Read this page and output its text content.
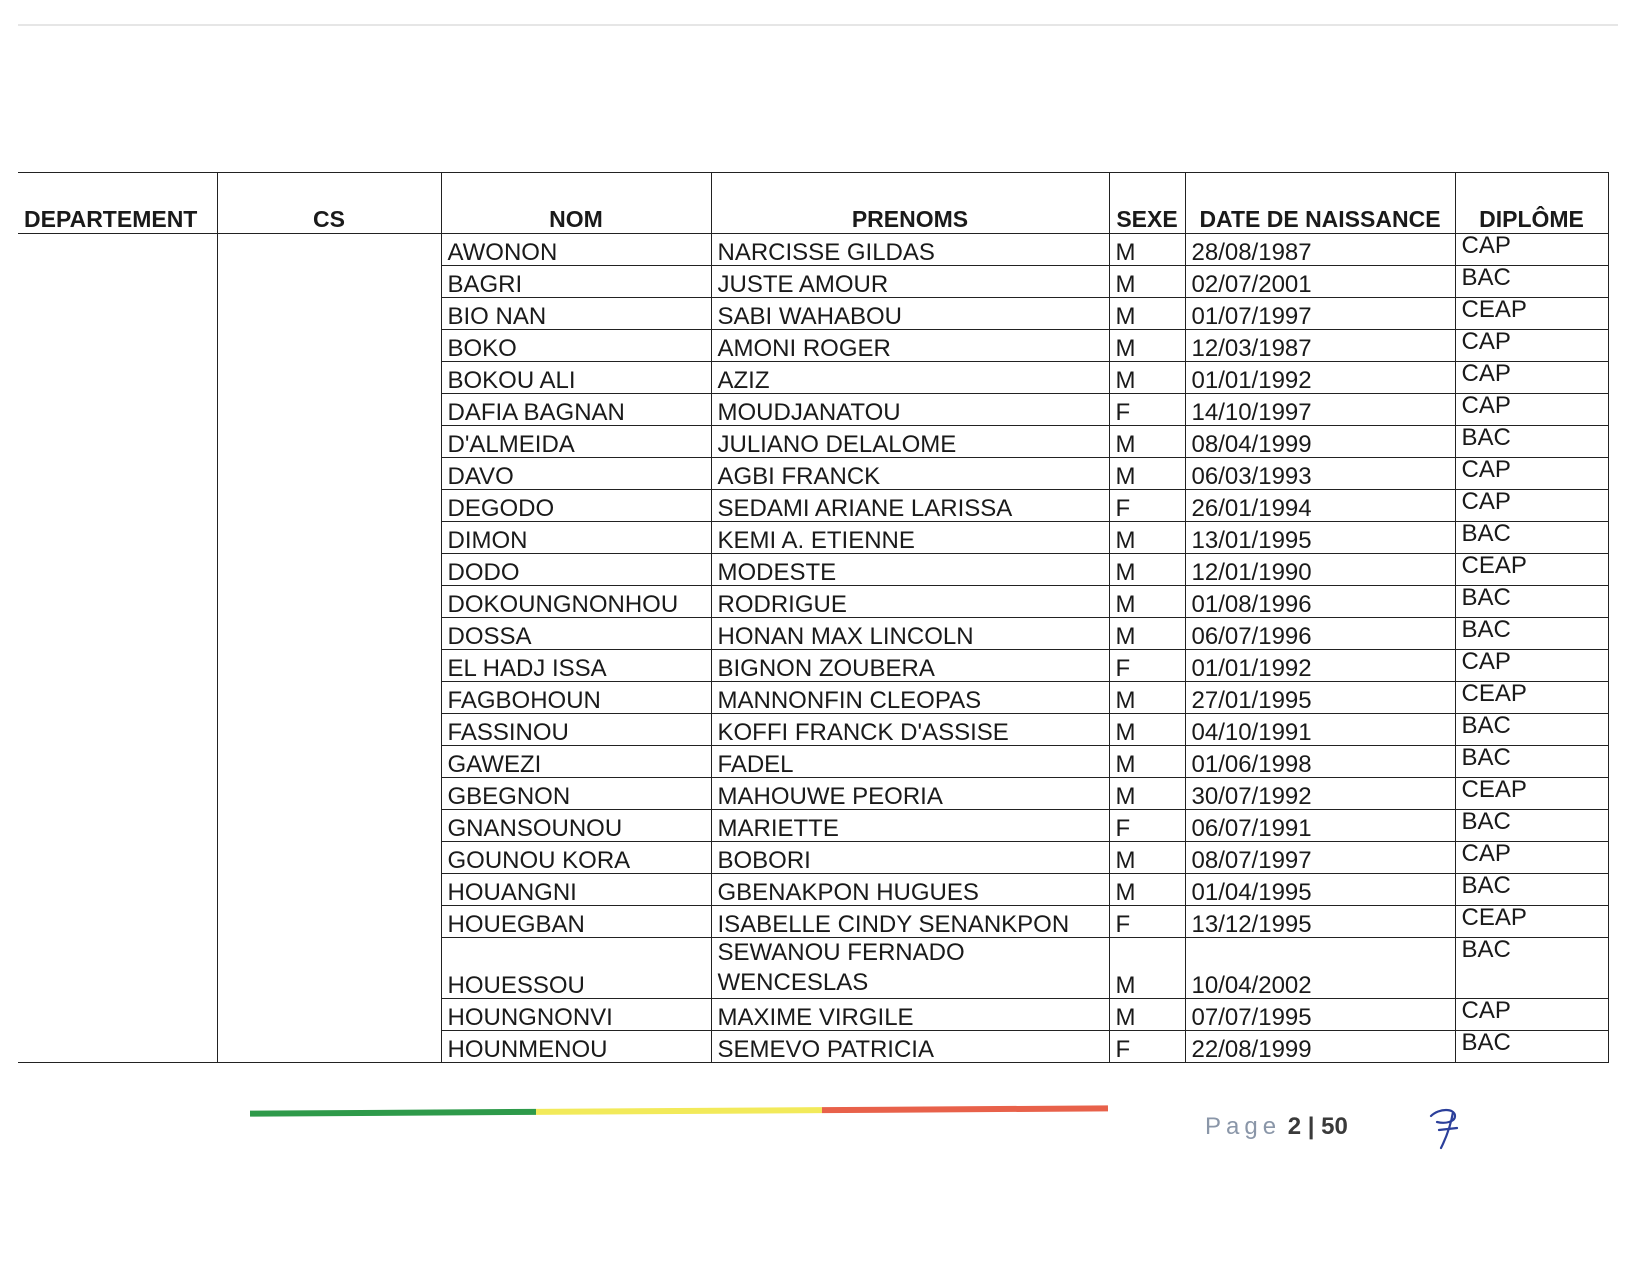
DEPARTEMENT	CS	NOM	PRENOMS	SEXE	DATE DE NAISSANCE	DIPLÔME
		AWONON	NARCISSE GILDAS	M	28/08/1987	CAP
		BAGRI	JUSTE AMOUR	M	02/07/2001	BAC
		BIO NAN	SABI WAHABOU	M	01/07/1997	CEAP
		BOKO	AMONI ROGER	M	12/03/1987	CAP
		BOKOU ALI	AZIZ	M	01/01/1992	CAP
		DAFIA BAGNAN	MOUDJANATOU	F	14/10/1997	CAP
		D'ALMEIDA	JULIANO DELALOME	M	08/04/1999	BAC
		DAVO	AGBI FRANCK	M	06/03/1993	CAP
		DEGODO	SEDAMI ARIANE LARISSA	F	26/01/1994	CAP
		DIMON	KEMI A. ETIENNE	M	13/01/1995	BAC
		DODO	MODESTE	M	12/01/1990	CEAP
		DOKOUNGNONHOU	RODRIGUE	M	01/08/1996	BAC
		DOSSA	HONAN MAX LINCOLN	M	06/07/1996	BAC
		EL HADJ ISSA	BIGNON ZOUBERA	F	01/01/1992	CAP
		FAGBOHOUN	MANNONFIN CLEOPAS	M	27/01/1995	CEAP
		FASSINOU	KOFFI FRANCK D'ASSISE	M	04/10/1991	BAC
		GAWEZI	FADEL	M	01/06/1998	BAC
		GBEGNON	MAHOUWE PEORIA	M	30/07/1992	CEAP
		GNANSOUNOU	MARIETTE	F	06/07/1991	BAC
		GOUNOU KORA	BOBORI	M	08/07/1997	CAP
		HOUANGNI	GBENAKPON HUGUES	M	01/04/1995	BAC
		HOUEGBAN	ISABELLE CINDY SENANKPON	F	13/12/1995	CEAP
		HOUESSOU	SEWANOU FERNADO WENCESLAS	M	10/04/2002	BAC
		HOUNGNONVI	MAXIME VIRGILE	M	07/07/1995	CAP
		HOUNMENOU	SEMEVO PATRICIA	F	22/08/1999	BAC
Page 2 | 50
